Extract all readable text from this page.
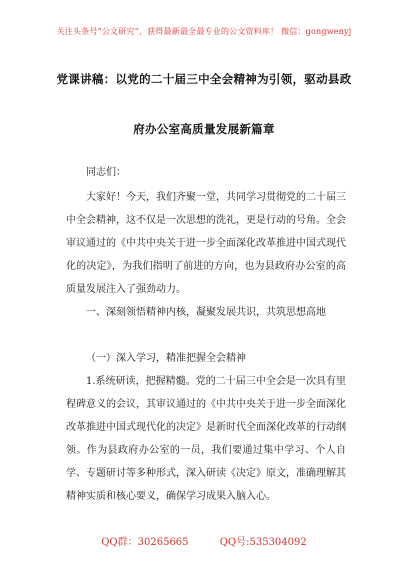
关注头条号“公文研究”，获得最新最全最专业的公文资料库！ 微信：gongwenyj
党课讲稿：以党的二十届三中全会精神为引领，驱动县政
府办公室高质量发展新篇章
同志们：
大家好！今天，我们齐聚一堂，共同学习贯彻党的二十届三中全会精神，这不仅是一次思想的洗礼，更是行动的号角。全会审议通过的《中共中央关于进一步全面深化改革推进中国式现代化的决定》，为我们指明了前进的方向，也为县政府办公室的高质量发展注入了强劲动力。
一、深刻领悟精神内核，凝聚发展共识，共筑思想高地
（一）深入学习，精准把握全会精神
1.系统研读，把握精髓。党的二十届三中全会是一次具有里程碑意义的会议，其审议通过的《中共中央关于进一步全面深化改革推进中国式现代化的决定》是新时代全面深化改革的行动纲领。作为县政府办公室的一员，我们要通过集中学习、个人自学、专题研讨等多种形式，深入研读《决定》原文，准确理解其精神实质和核心要义，确保学习成果入脑入心。
QQ群：30265665	QQ号:535304092
